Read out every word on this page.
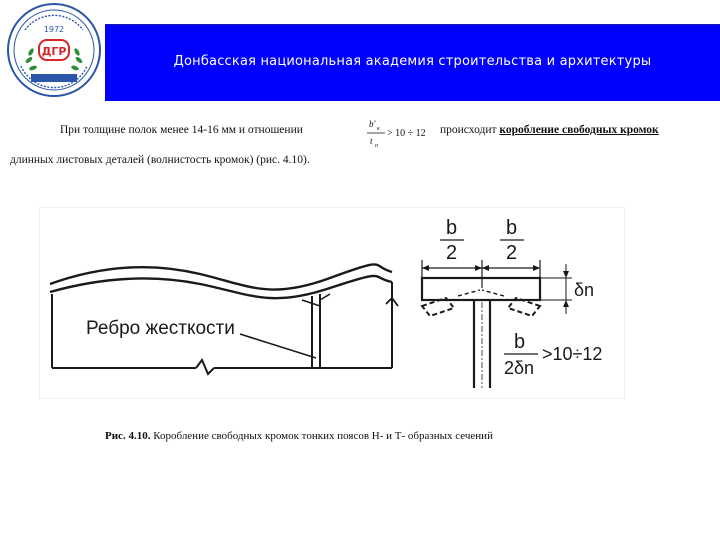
Донбасская национальная академия строительства и архитектуры
1972
ДГР
При толщине полок менее 14-16 мм и отношении	b' к
t n
> 10 ÷ 12 происходит коробление свободных кромок
длинных листовых деталей (волнистость кромок) (рис. 4.10).
Ребро жесткости
b
2
b
2
δn
b
2δn
>10÷12
Рис. 4.10. Коробление свободных кромок тонких поясов Н- и Т- образных сечений
